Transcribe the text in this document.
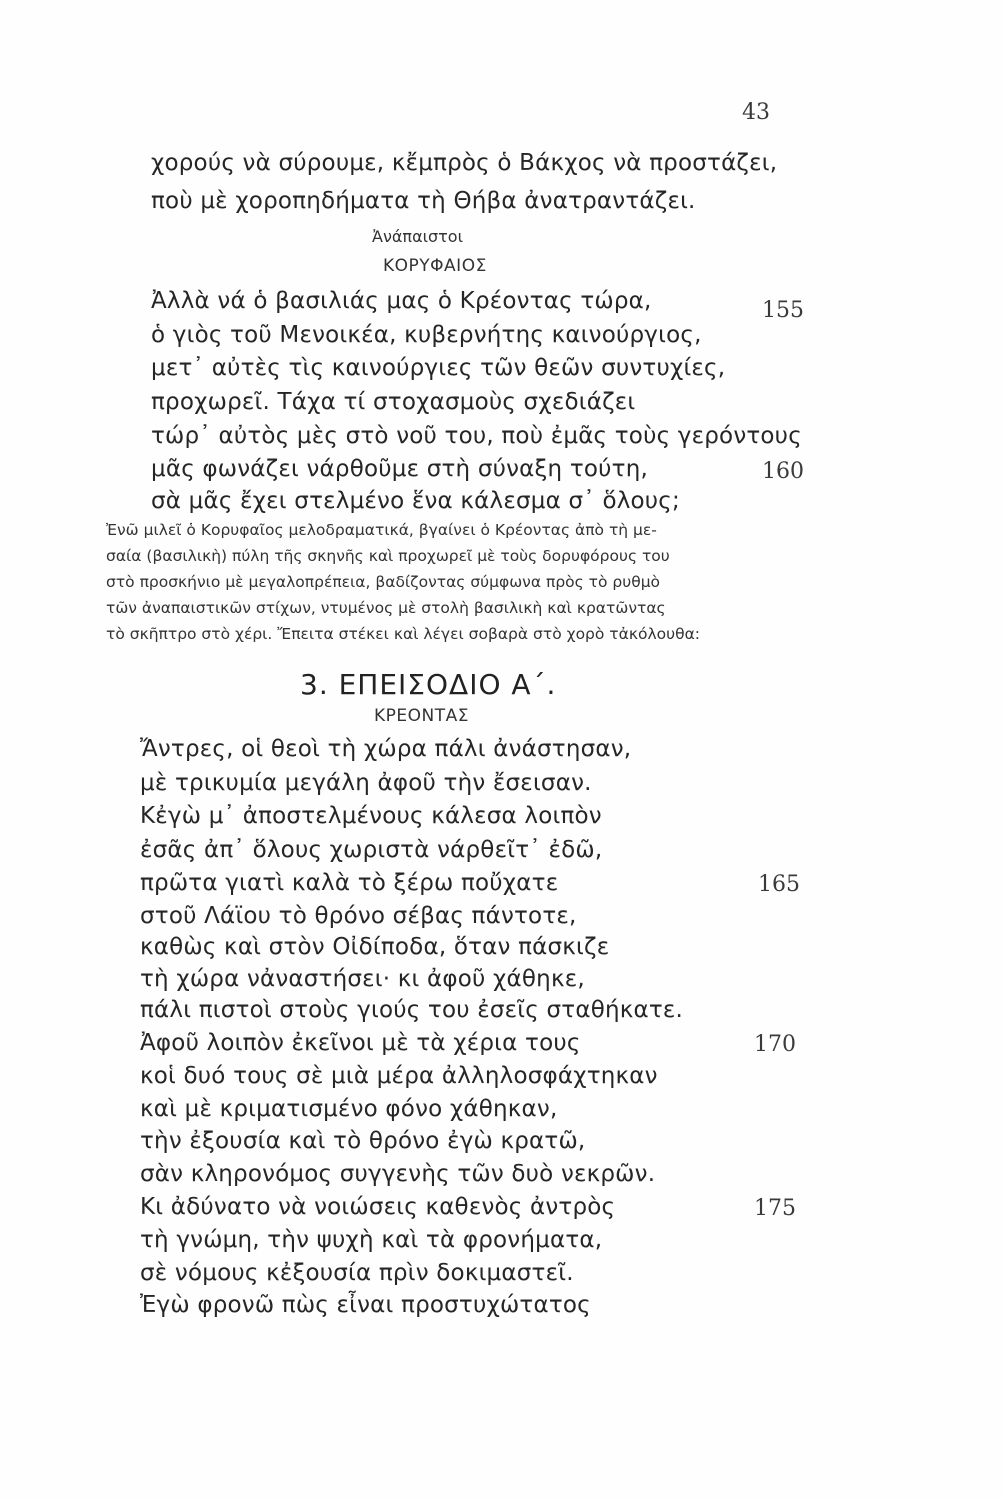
43
χορούς νὰ σύρουμε, κἔμπρὸς ὁ Βάκχος νὰ προστάζει,
ποὺ μὲ χοροπηδήματα τὴ Θήβα ἀνατραντάζει.
Ἀνάπαιστοι
ΚΟΡΥΦΑΙΟΣ
Ἀλλὰ νά ὁ βασιλιάς μας ὁ Κρέοντας τώρα,	155
ὁ γιὸς τοῦ Μενοικέα, κυβερνήτης καινούργιος,
μετ᾽ αὐτὲς τὶς καινούργιες τῶν θεῶν συντυχίες,
προχωρεῖ. Τάχα τί στοχασμοὺς σχεδιάζει
τώρ᾽ αὐτὸς μὲς στὸ νοῦ του, ποὺ ἐμᾶς τοὺς γερόντους
μᾶς φωνάζει νάρθοῦμε στὴ σύναξη τούτη,	160
σὰ μᾶς ἔχει στελμένο ἕνα κάλεσμα σ᾽ ὅλους;
Ἐνῶ μιλεῖ ὁ Κορυφαῖος μελοδραματικά, βγαίνει ὁ Κρέοντας ἀπὸ τὴ με-
σαία (βασιλικὴ) πύλη τῆς σκηνῆς καὶ προχωρεῖ μὲ τοὺς δορυφόρους του
στὸ προσκήνιο μὲ μεγαλοπρέπεια, βαδίζοντας σύμφωνα πρὸς τὸ ρυθμὸ
τῶν ἀναπαιστικῶν στίχων, ντυμένος μὲ στολὴ βασιλικὴ καὶ κρατῶντας
τὸ σκῆπτρο στὸ χέρι. Ἔπειτα στέκει καὶ λέγει σοβαρὰ στὸ χορὸ τἀκόλουθα:
3. ΕΠΕΙΣΟΔΙΟ Α΄.
ΚΡΕΟΝΤΑΣ
Ἄντρες, οἱ θεοὶ τὴ χώρα πάλι ἀνάστησαν,
μὲ τρικυμία μεγάλη ἀφοῦ τὴν ἔσεισαν.
Κἐγὼ μ᾽ ἀποστελμένους κάλεσα λοιπὸν
ἐσᾶς ἀπ᾽ ὅλους χωριστὰ νάρθεῖτ᾽ ἐδῶ,
πρῶτα γιατὶ καλὰ τὸ ξέρω ποὔχατε	165
στοῦ Λάϊου τὸ θρόνο σέβας πάντοτε,
καθὼς καὶ στὸν Οἰδίποδα, ὅταν πάσκιζε
τὴ χώρα νἀναστήσει· κι ἀφοῦ χάθηκε,
πάλι πιστοὶ στοὺς γιούς του ἐσεῖς σταθήκατε.
Ἀφοῦ λοιπὸν ἐκεῖνοι μὲ τὰ χέρια τους	170
κοἱ δυό τους σὲ μιὰ μέρα ἀλληλοσφάχτηκαν
καὶ μὲ κριματισμένο φόνο χάθηκαν,
τὴν ἐξουσία καὶ τὸ θρόνο ἐγὼ κρατῶ,
σὰν κληρονόμος συγγενὴς τῶν δυὸ νεκρῶν.
Κι ἀδύνατο νὰ νοιώσεις καθενὸς ἀντρὸς	175
τὴ γνώμη, τὴν ψυχὴ καὶ τὰ φρονήματα,
σὲ νόμους κἐξουσία πρὶν δοκιμαστεῖ.
Ἐγὼ φρονῶ πὼς εἶναι προστυχώτατος
